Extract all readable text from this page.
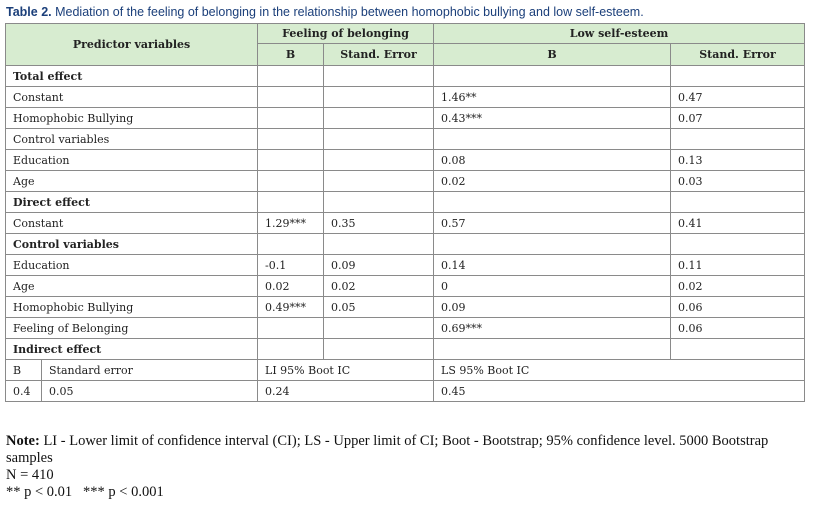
Table 2. Mediation of the feeling of belonging in the relationship between homophobic bullying and low self-esteem.
Predictor variables		Feeling of belonging		Low self-esteem	
		B	Stand. Error	B	Stand. Error
Total effect					
Constant				1.46**	0.47
Homophobic Bullying				0.43***	0.07
Control variables					
Education				0.08	0.13
Age				0.02	0.03
Direct effect					
Constant		1.29***	0.35	0.57	0.41
Control variables					
Education		-0.1	0.09	0.14	0.11
Age		0.02	0.02	0	0.02
Homophobic Bullying		0.49***	0.05	0.09	0.06
Feeling of Belonging				0.69***	0.06
Indirect effect					
B	Standard error	LI 95% Boot IC		LS 95% Boot IC	
0.4	0.05	0.24		0.45	
Note: LI - Lower limit of confidence interval (CI); LS - Upper limit of CI; Boot - Bootstrap; 95% confidence level. 5000 Bootstrap samples
N = 410
** p < 0.01   *** p < 0.001
